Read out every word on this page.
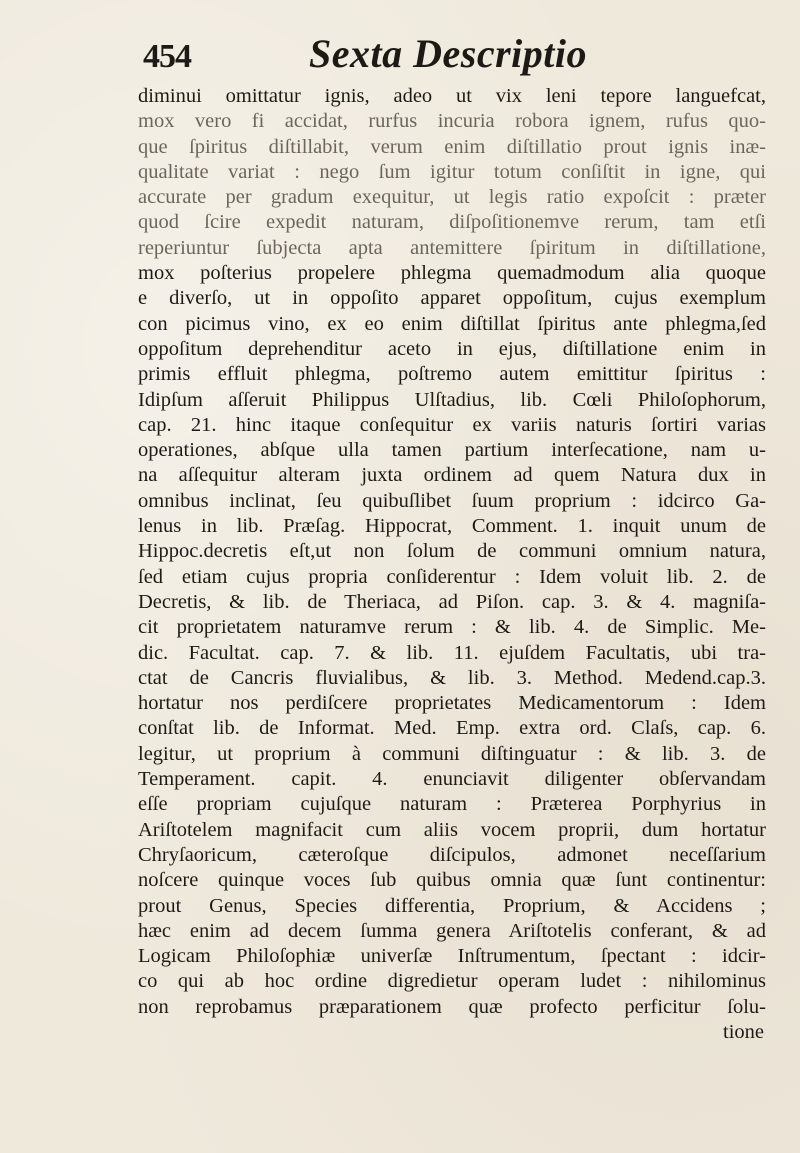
454	Sexta Descriptio
diminui omittatur ignis, adeo ut vix leni tepore languefcat,
mox vero fi accidat, rurfus incuria robora ignem, rufus quo-
que ſpiritus diſtillabit, verum enim diſtillatio prout ignis inæ-
qualitate variat : nego ſum igitur totum conſiſtit in igne, qui
accurate per gradum exequitur, ut legis ratio expoſcit : præter
quod ſcire expedit naturam, diſpoſitionemve rerum, tam etſi
reperiuntur ſubjecta apta antemittere ſpiritum in diſtillatione,
mox poſterius propelere phlegma quemadmodum alia quoque
e diverſo, ut in oppoſito apparet oppoſitum, cujus exemplum
con picimus vino, ex eo enim diſtillat ſpiritus ante phlegma,ſed
oppoſitum deprehenditur aceto in ejus, diſtillatione enim in
primis effluit phlegma, poſtremo autem emittitur ſpiritus :
Idipſum aſſeruit Philippus Ulſtadius, lib. Cœli Philoſophorum,
cap. 21. hinc itaque conſequitur ex variis naturis ſortiri varias
operationes, abſque ulla tamen partium interſecatione, nam u-
na aſſequitur alteram juxta ordinem ad quem Natura dux in
omnibus inclinat, ſeu quibuſlibet ſuum proprium : idcirco Ga-
lenus in lib. Præſag. Hippocrat, Comment. 1. inquit unum de
Hippoc.decretis eſt,ut non ſolum de communi omnium natura,
ſed etiam cujus propria conſiderentur : Idem voluit lib. 2. de
Decretis, & lib. de Theriaca, ad Piſon. cap. 3. & 4. magniſa-
cit proprietatem naturamve rerum : & lib. 4. de Simplic. Me-
dic. Facultat. cap. 7. & lib. 11. ejuſdem Facultatis, ubi tra-
ctat de Cancris fluvialibus, & lib. 3. Method. Medend.cap.3.
hortatur nos perdiſcere proprietates Medicamentorum : Idem
conſtat lib. de Informat. Med. Emp. extra ord. Claſs, cap. 6.
legitur, ut proprium à communi diſtinguatur : & lib. 3. de
Temperament. capit. 4. enunciavit diligenter obſervandam
eſſe propriam cujuſque naturam : Præterea Porphyrius in
Ariſtotelem magnifacit cum aliis vocem proprii, dum hortatur
Chryſaoricum, cæteroſque diſcipulos, admonet neceſſarium
noſcere quinque voces ſub quibus omnia quæ ſunt continentur:
prout Genus, Species differentia, Proprium, & Accidens ;
hæc enim ad decem ſumma genera Ariſtotelis conferant, & ad
Logicam Philoſophiæ univerſæ Inſtrumentum, ſpectant : idcir-
co qui ab hoc ordine digredietur operam ludet : nihilominus
non reprobamus præparationem quæ profecto perficitur ſolu-
tione
